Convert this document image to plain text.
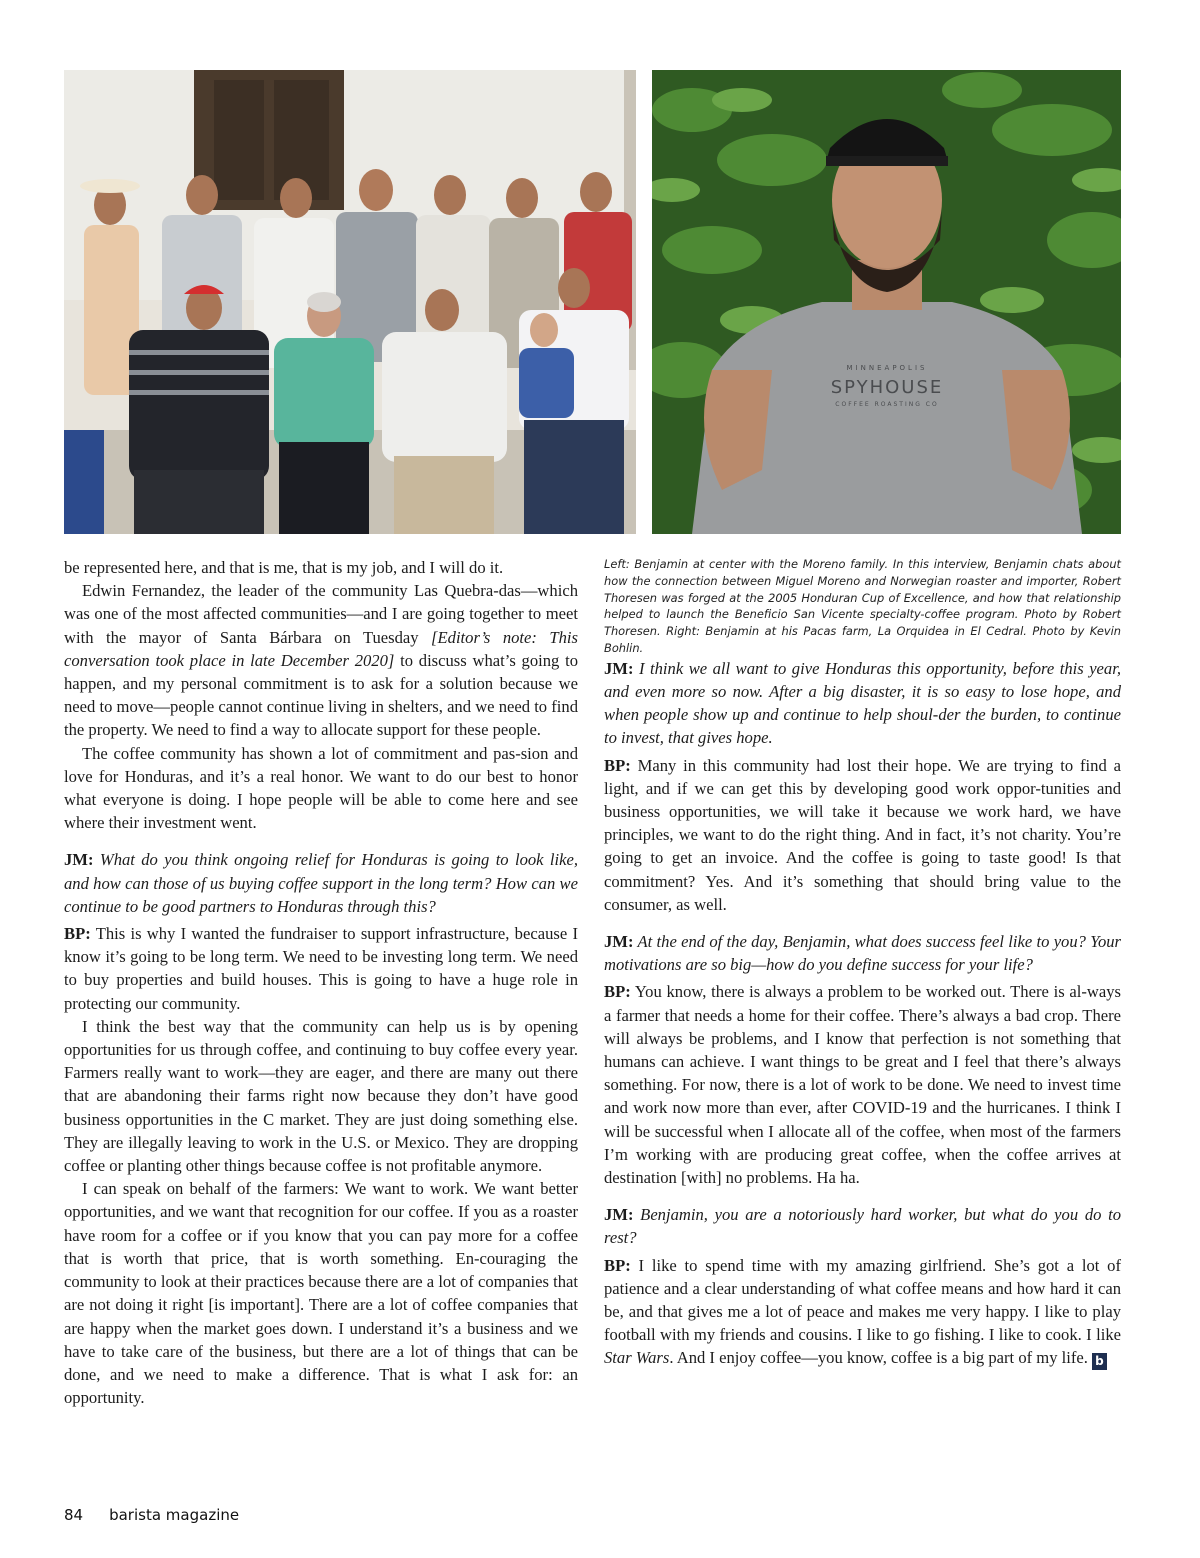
MINNEAPOLIS
SPYHOUSE
COFFEE ROASTING CO

be represented here, and that is me, that is my job, and I will do it.

Edwin Fernandez, the leader of the community Las Quebra-das—which was one of the most affected communities—and I are going together to meet with the mayor of Santa Bárbara on Tuesday [Editor’s note: This conversation took place in late December 2020] to discuss what’s going to happen, and my personal commitment is to ask for a solution because we need to move—people cannot continue living in shelters, and we need to find the property. We need to find a way to allocate support for these people.

The coffee community has shown a lot of commitment and pas-sion and love for Honduras, and it’s a real honor. We want to do our best to honor what everyone is doing. I hope people will be able to come here and see where their investment went.

JM: What do you think ongoing relief for Honduras is going to look like, and how can those of us buying coffee support in the long term? How can we continue to be good partners to Honduras through this?

BP: This is why I wanted the fundraiser to support infrastructure, because I know it’s going to be long term. We need to be investing long term. We need to buy properties and build houses. This is going to have a huge role in protecting our community.

I think the best way that the community can help us is by opening opportunities for us through coffee, and continuing to buy coffee every year. Farmers really want to work—they are eager, and there are many out there that are abandoning their farms right now because they don’t have good business opportunities in the C market. They are just doing something else. They are illegally leaving to work in the U.S. or Mexico. They are dropping coffee or planting other things because coffee is not profitable anymore.

I can speak on behalf of the farmers: We want to work. We want better opportunities, and we want that recognition for our coffee. If you as a roaster have room for a coffee or if you know that you can pay more for a coffee that is worth that price, that is worth something. En-couraging the community to look at their practices because there are a lot of companies that are not doing it right [is important]. There are a lot of coffee companies that are happy when the market goes down. I understand it’s a business and we have to take care of the business, but there are a lot of things that can be done, and we need to make a difference. That is what I ask for: an opportunity.

Left: Benjamin at center with the Moreno family. In this interview, Benjamin chats about how the connection between Miguel Moreno and Norwegian roaster and importer, Robert Thoresen was forged at the 2005 Honduran Cup of Excellence, and how that relationship helped to launch the Beneficio San Vicente specialty-coffee program. Photo by Robert Thoresen. Right: Benjamin at his Pacas farm, La Orquidea in El Cedral. Photo by Kevin Bohlin.

JM: I think we all want to give Honduras this opportunity, before this year, and even more so now. After a big disaster, it is so easy to lose hope, and when people show up and continue to help shoul-der the burden, to continue to invest, that gives hope.

BP: Many in this community had lost their hope. We are trying to find a light, and if we can get this by developing good work oppor-tunities and business opportunities, we will take it because we work hard, we have principles, we want to do the right thing. And in fact, it’s not charity. You’re going to get an invoice. And the coffee is going to taste good! Is that commitment? Yes. And it’s something that should bring value to the consumer, as well.

JM: At the end of the day, Benjamin, what does success feel like to you? Your motivations are so big—how do you define success for your life?

BP: You know, there is always a problem to be worked out. There is al-ways a farmer that needs a home for their coffee. There’s always a bad crop. There will always be problems, and I know that perfection is not something that humans can achieve. I want things to be great and I feel that there’s always something. For now, there is a lot of work to be done. We need to invest time and work now more than ever, after COVID-19 and the hurricanes. I think I will be successful when I allocate all of the coffee, when most of the farmers I’m working with are producing great coffee, when the coffee arrives at destination [with] no problems. Ha ha.

JM: Benjamin, you are a notoriously hard worker, but what do you do to rest?

BP: I like to spend time with my amazing girlfriend. She’s got a lot of patience and a clear understanding of what coffee means and how hard it can be, and that gives me a lot of peace and makes me very happy. I like to play football with my friends and cousins. I like to go fishing. I like to cook. I like Star Wars. And I enjoy coffee—you know, coffee is a big part of my life. b

84 barista magazine
